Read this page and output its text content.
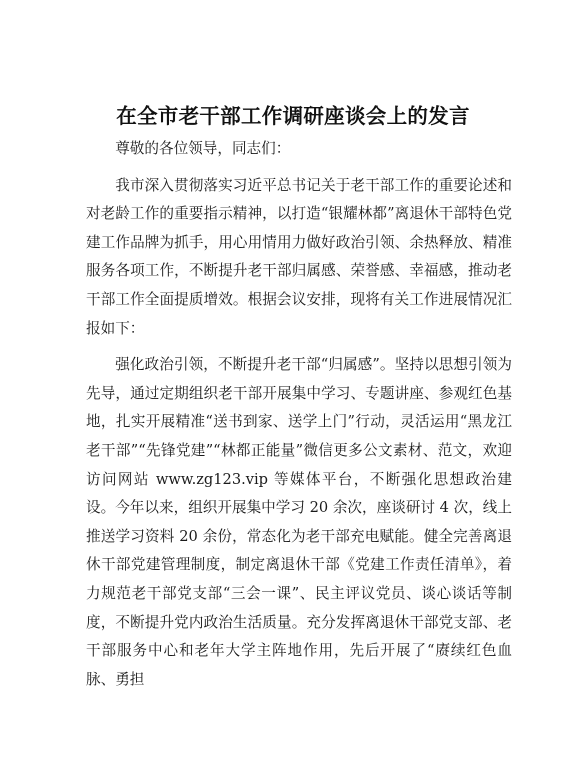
在全市老干部工作调研座谈会上的发言

尊敬的各位领导，同志们：

我市深入贯彻落实习近平总书记关于老干部工作的重要论述和对老龄工作的重要指示精神，以打造“银耀林都”离退休干部特色党建工作品牌为抓手，用心用情用力做好政治引领、余热释放、精准服务各项工作，不断提升老干部归属感、荣誉感、幸福感，推动老干部工作全面提质增效。根据会议安排，现将有关工作进展情况汇报如下：

强化政治引领，不断提升老干部“归属感”。坚持以思想引领为先导，通过定期组织老干部开展集中学习、专题讲座、参观红色基地，扎实开展精准“送书到家、送学上门”行动，灵活运用“黑龙江老干部”“先锋党建”“林都正能量”微信更多公文素材、范文，欢迎访问网站 www.zg123.vip 等媒体平台，不断强化思想政治建设。今年以来，组织开展集中学习 20 余次，座谈研讨 4 次，线上推送学习资料 20 余份，常态化为老干部充电赋能。健全完善离退休干部党建管理制度，制定离退休干部《党建工作责任清单》，着力规范老干部党支部“三会一课”、民主评议党员、谈心谈话等制度，不断提升党内政治生活质量。充分发挥离退休干部党支部、老干部服务中心和老年大学主阵地作用，先后开展了“赓续红色血脉、勇担
